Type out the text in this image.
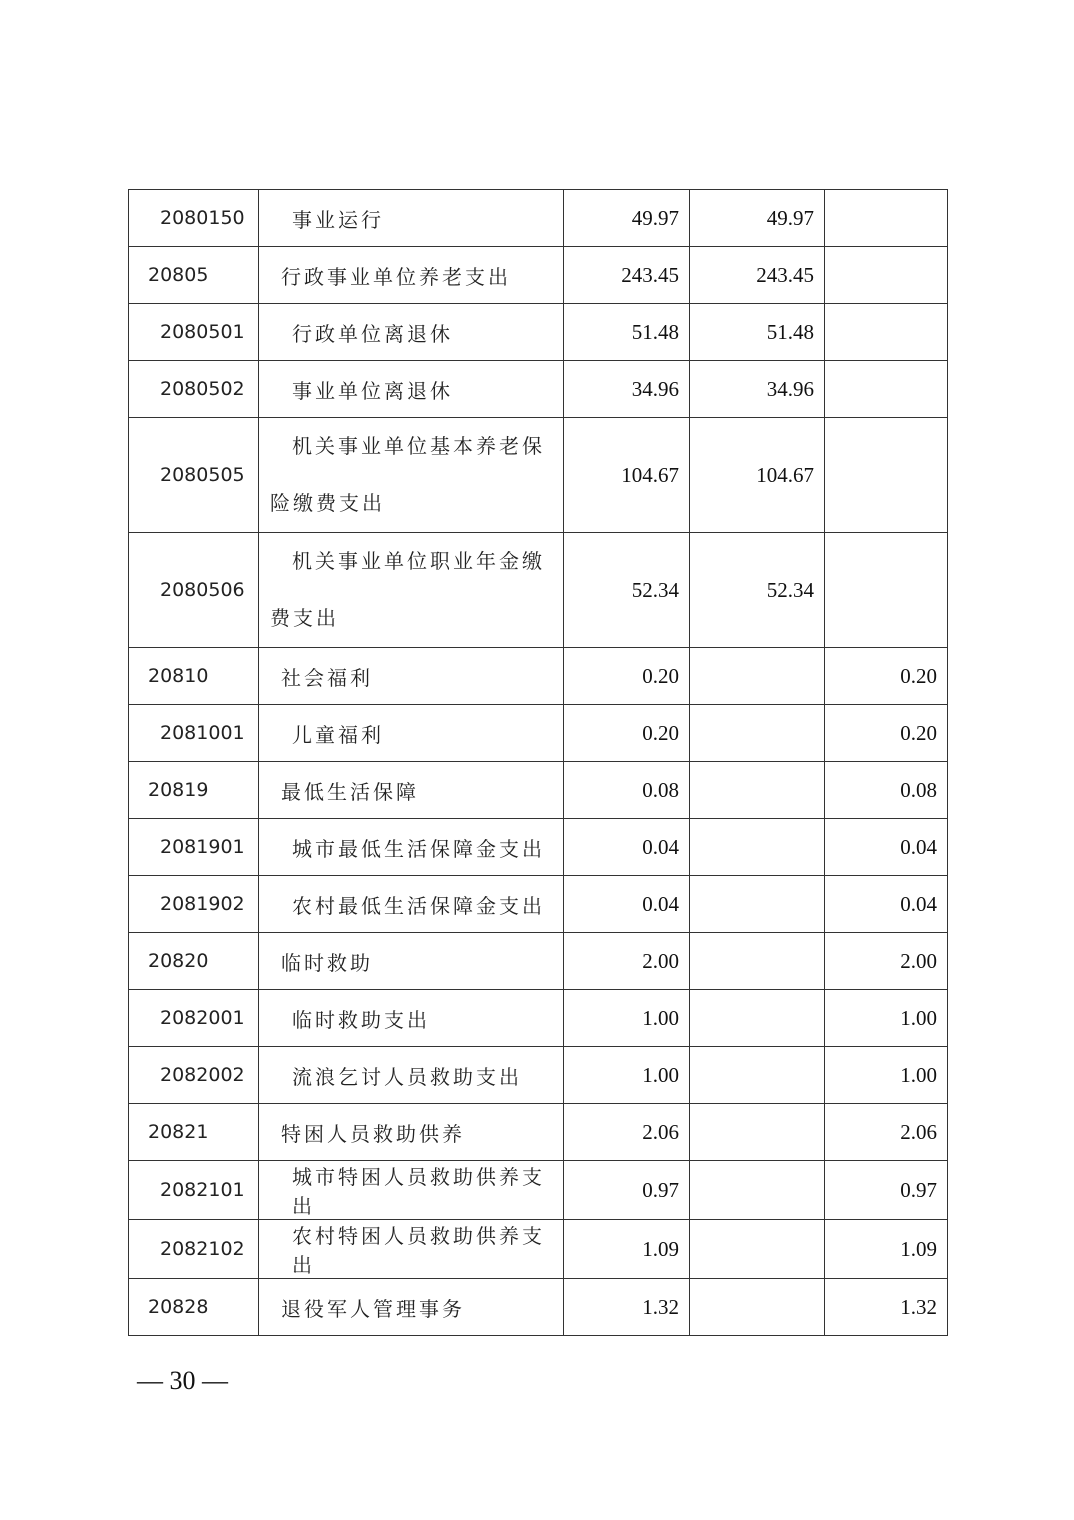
2080150	事业运行	49.97	49.97	
20805	行政事业单位养老支出	243.45	243.45	
2080501	行政单位离退休	51.48	51.48	
2080502	事业单位离退休	34.96	34.96	
2080505	机关事业单位基本养老保险缴费支出	104.67	104.67	
2080506	机关事业单位职业年金缴费支出	52.34	52.34	
20810	社会福利	0.20		0.20
2081001	儿童福利	0.20		0.20
20819	最低生活保障	0.08		0.08
2081901	城市最低生活保障金支出	0.04		0.04
2081902	农村最低生活保障金支出	0.04		0.04
20820	临时救助	2.00		2.00
2082001	临时救助支出	1.00		1.00
2082002	流浪乞讨人员救助支出	1.00		1.00
20821	特困人员救助供养	2.06		2.06
2082101	城市特困人员救助供养支出	0.97		0.97
2082102	农村特困人员救助供养支出	1.09		1.09
20828	退役军人管理事务	1.32		1.32
— 30 —
